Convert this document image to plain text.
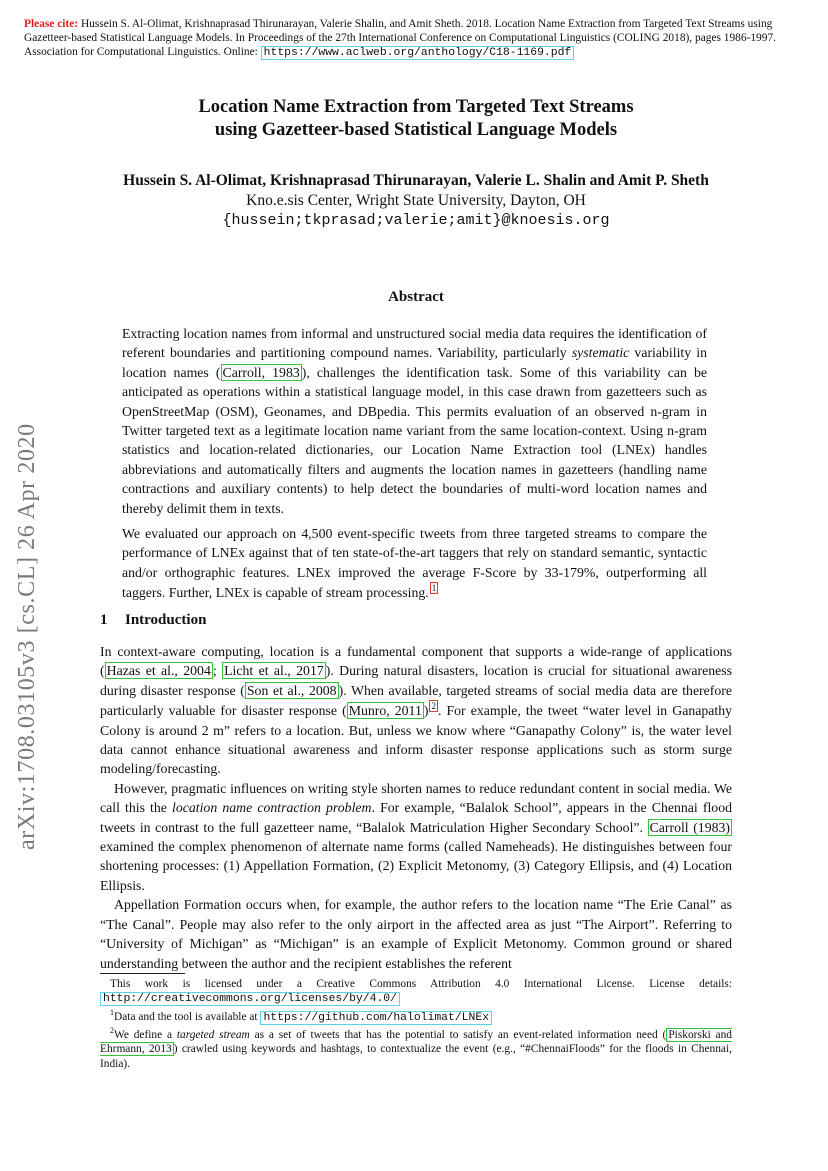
arXiv:1708.03105v3 [cs.CL] 26 Apr 2020
Please cite: Hussein S. Al-Olimat, Krishnaprasad Thirunarayan, Valerie Shalin, and Amit Sheth. 2018. Location Name Extraction from Targeted Text Streams using Gazetteer-based Statistical Language Models. In Proceedings of the 27th International Conference on Computational Linguistics (COLING 2018), pages 1986-1997. Association for Computational Linguistics. Online: https://www.aclweb.org/anthology/C18-1169.pdf
Location Name Extraction from Targeted Text Streams
using Gazetteer-based Statistical Language Models
Hussein S. Al-Olimat, Krishnaprasad Thirunarayan, Valerie L. Shalin and Amit P. Sheth
Kno.e.sis Center, Wright State University, Dayton, OH
{hussein;tkprasad;valerie;amit}@knoesis.org
Abstract

Extracting location names from informal and unstructured social media data requires the identification of referent boundaries and partitioning compound names. Variability, particularly systematic variability in location names ( Carroll, 1983 ), challenges the identification task. Some of this variability can be anticipated as operations within a statistical language model, in this case drawn from gazetteers such as OpenStreetMap (OSM), Geonames, and DBpedia. This permits evaluation of an observed n-gram in Twitter targeted text as a legitimate location name variant from the same location-context. Using n-gram statistics and location-related dictionaries, our Location Name Extraction tool (LNEx) handles abbreviations and automatically filters and augments the location names in gazetteers (handling name contractions and auxiliary contents) to help detect the boundaries of multi-word location names and thereby delimit them in texts.

We evaluated our approach on 4,500 event-specific tweets from three targeted streams to compare the performance of LNEx against that of ten state-of-the-art taggers that rely on standard semantic, syntactic and/or orthographic features. LNEx improved the average F-Score by 33-179%, outperforming all taggers. Further, LNEx is capable of stream processing. 1

1 Introduction

In context-aware computing, location is a fundamental component that supports a wide-range of applications ( Hazas et al., 2004 ; Licht et al., 2017 ). During natural disasters, location is crucial for situational awareness during disaster response ( Son et al., 2008 ). When available, targeted streams of social media data are therefore particularly valuable for disaster response ( Munro, 2011 ) 2 . For example, the tweet “water level in Ganapathy Colony is around 2 m” refers to a location. But, unless we know where “Ganapathy Colony” is, the water level data cannot enhance situational awareness and inform disaster response applications such as storm surge modeling/forecasting.

However, pragmatic influences on writing style shorten names to reduce redundant content in social media. We call this the location name contraction problem. For example, “Balalok School”, appears in the Chennai flood tweets in contrast to the full gazetteer name, “Balalok Matriculation Higher Secondary School”. Carroll (1983) examined the complex phenomenon of alternate name forms (called Nameheads). He distinguishes between four shortening processes: (1) Appellation Formation, (2) Explicit Metonomy, (3) Category Ellipsis, and (4) Location Ellipsis.

Appellation Formation occurs when, for example, the author refers to the location name “The Erie Canal” as “The Canal”. People may also refer to the only airport in the affected area as just “The Airport”. Referring to “University of Michigan” as “Michigan” is an example of Explicit Metonomy. Common ground or shared understanding between the author and the recipient establishes the referent

This work is licensed under a Creative Commons Attribution 4.0 International License. License details: http://creativecommons.org/licenses/by/4.0/

$^1$Data and the tool is available at https://github.com/halolimat/LNEx

$^2$We define a targeted stream as a set of tweets that has the potential to satisfy an event-related information need ( Piskorski and Ehrmann, 2013 ) crawled using keywords and hashtags, to contextualize the event (e.g., “#ChennaiFloods” for the floods in Chennai, India).
